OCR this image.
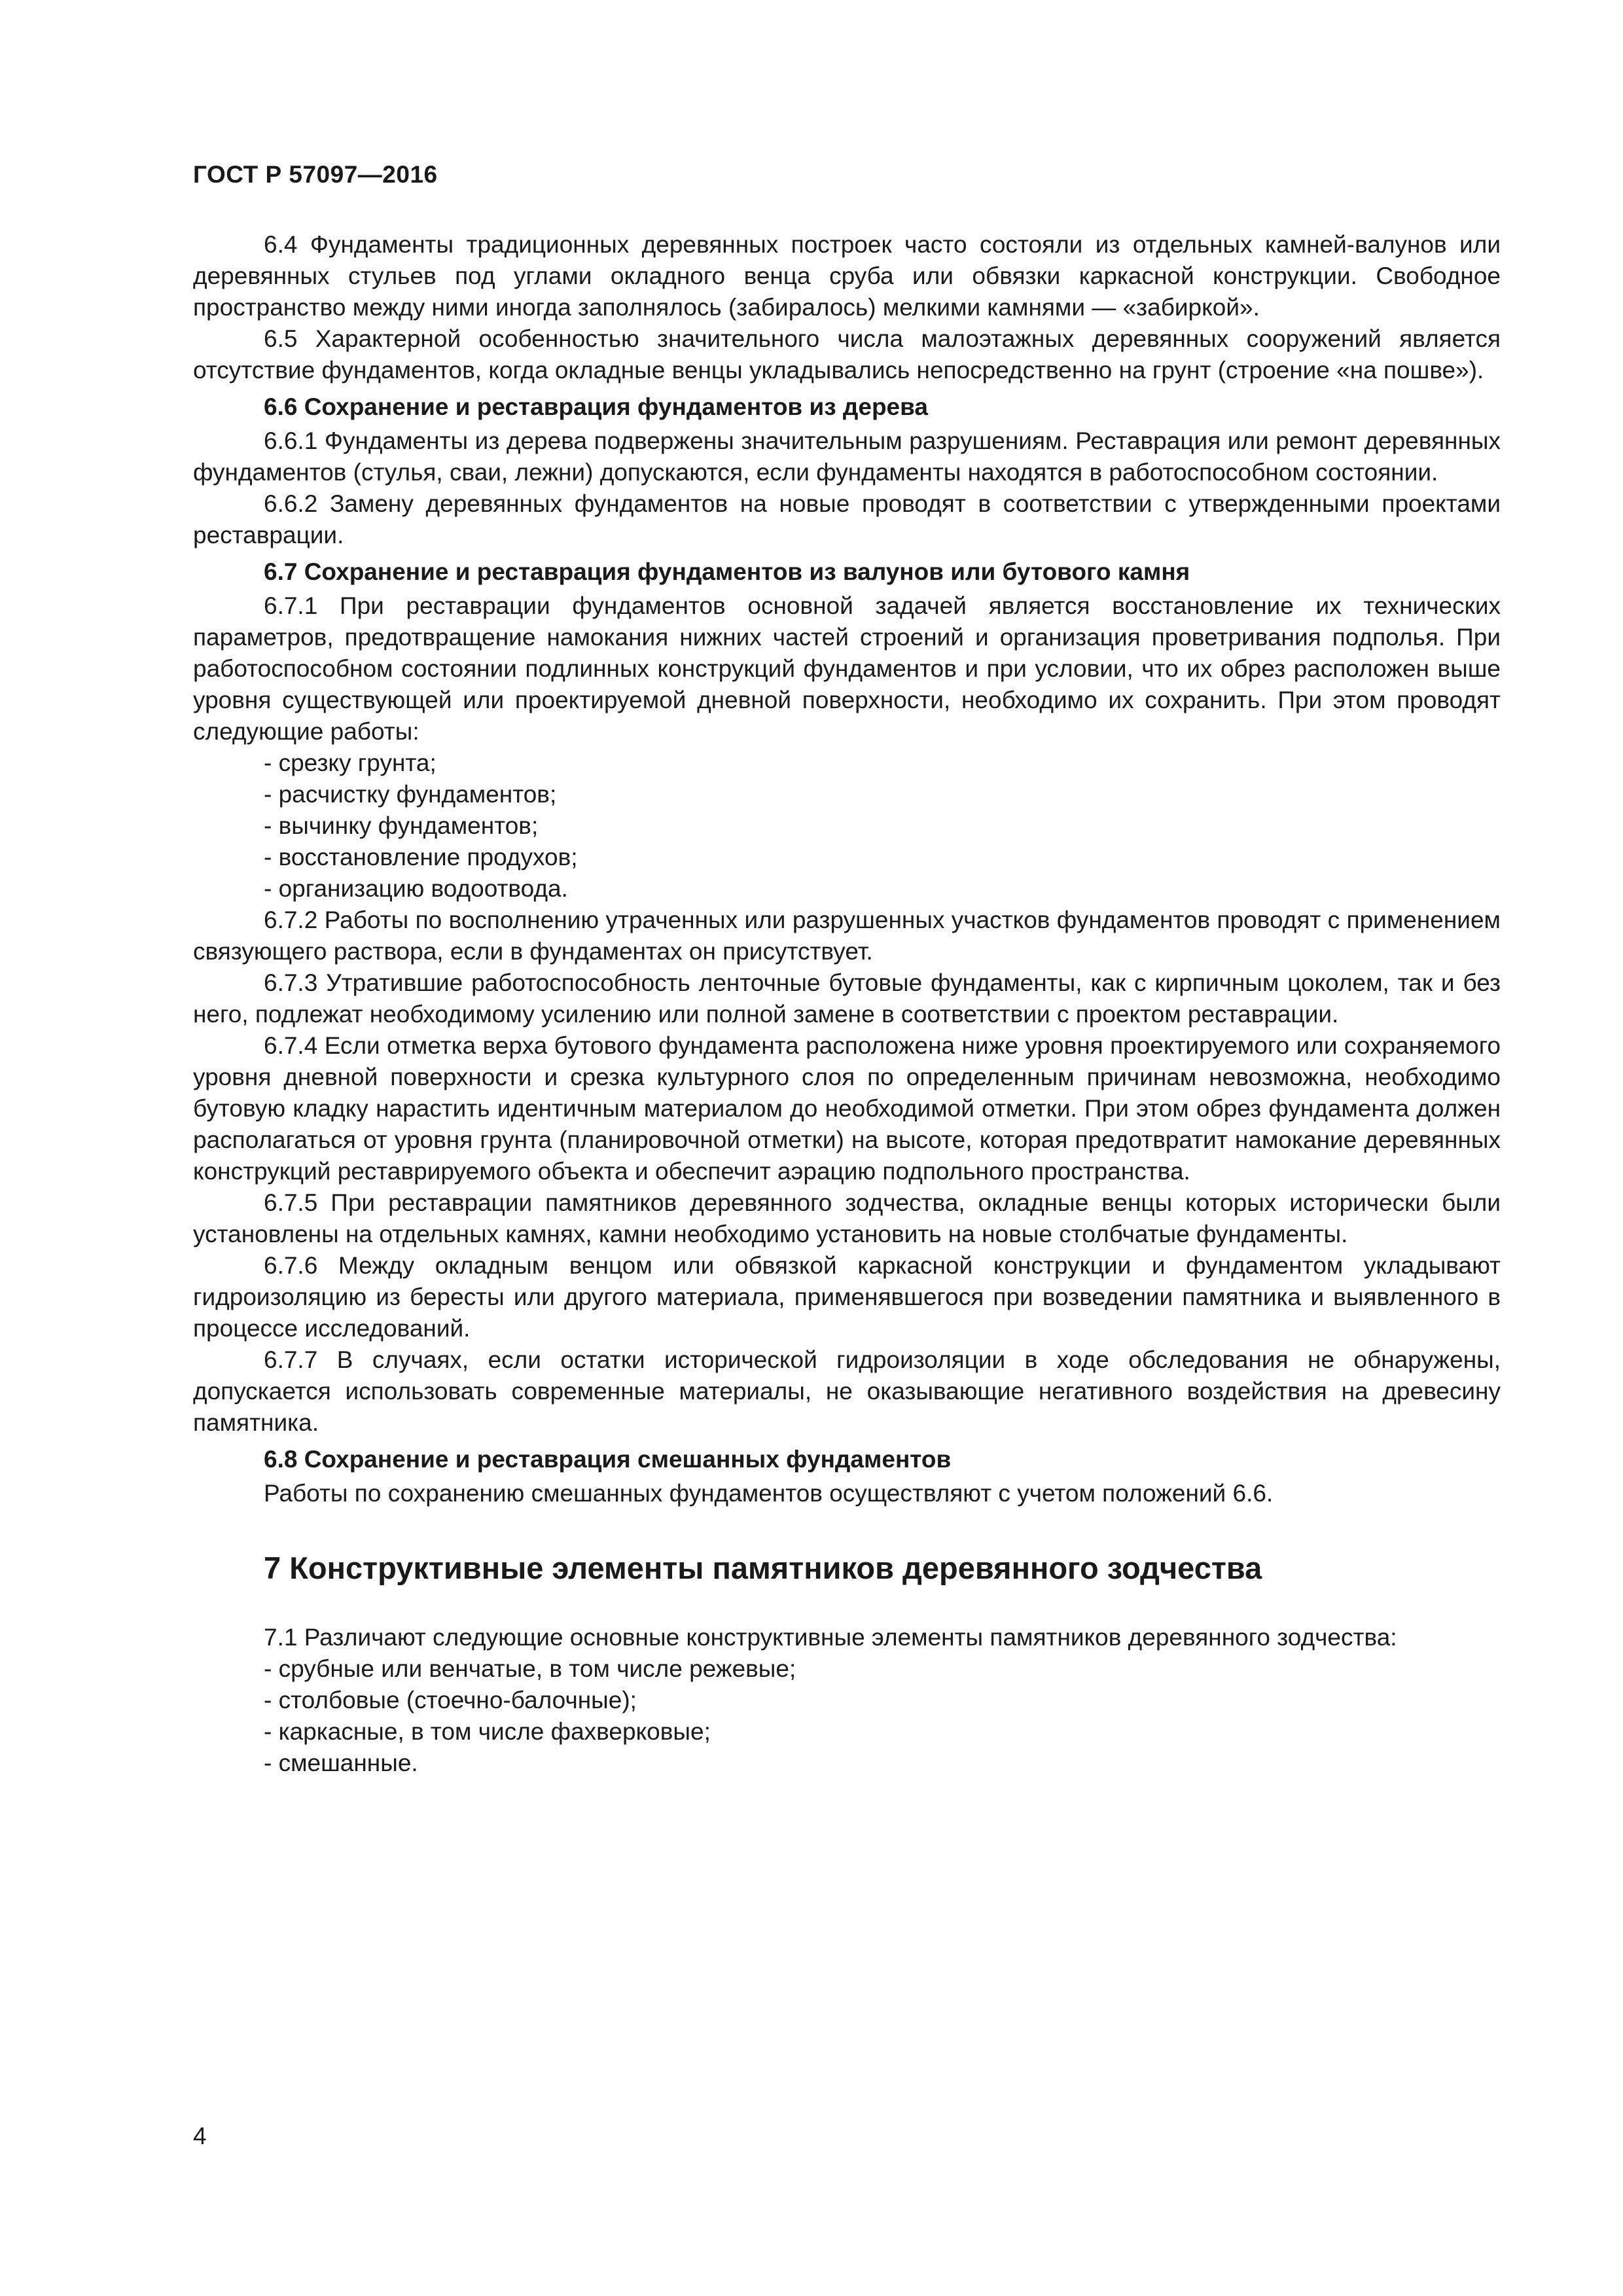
ГОСТ Р 57097—2016

6.4 Фундаменты традиционных деревянных построек часто состояли из отдельных камней-валунов или деревянных стульев под углами окладного венца сруба или обвязки каркасной конструкции. Свободное пространство между ними иногда заполнялось (забиралось) мелкими камнями — «забиркой».

6.5 Характерной особенностью значительного числа малоэтажных деревянных сооружений является отсутствие фундаментов, когда окладные венцы укладывались непосредственно на грунт (строение «на пошве»).

6.6 Сохранение и реставрация фундаментов из дерева

6.6.1 Фундаменты из дерева подвержены значительным разрушениям. Реставрация или ремонт деревянных фундаментов (стулья, сваи, лежни) допускаются, если фундаменты находятся в работоспособном состоянии.

6.6.2 Замену деревянных фундаментов на новые проводят в соответствии с утвержденными проектами реставрации.

6.7 Сохранение и реставрация фундаментов из валунов или бутового камня

6.7.1 При реставрации фундаментов основной задачей является восстановление их технических параметров, предотвращение намокания нижних частей строений и организация проветривания подполья. При работоспособном состоянии подлинных конструкций фундаментов и при условии, что их обрез расположен выше уровня существующей или проектируемой дневной поверхности, необходимо их сохранить. При этом проводят следующие работы:

- срезку грунта;
- расчистку фундаментов;
- вычинку фундаментов;
- восстановление продухов;
- организацию водоотвода.

6.7.2 Работы по восполнению утраченных или разрушенных участков фундаментов проводят с применением связующего раствора, если в фундаментах он присутствует.

6.7.3 Утратившие работоспособность ленточные бутовые фундаменты, как с кирпичным цоколем, так и без него, подлежат необходимому усилению или полной замене в соответствии с проектом реставрации.

6.7.4 Если отметка верха бутового фундамента расположена ниже уровня проектируемого или сохраняемого уровня дневной поверхности и срезка культурного слоя по определенным причинам невозможна, необходимо бутовую кладку нарастить идентичным материалом до необходимой отметки. При этом обрез фундамента должен располагаться от уровня грунта (планировочной отметки) на высоте, которая предотвратит намокание деревянных конструкций реставрируемого объекта и обеспечит аэрацию подпольного пространства.

6.7.5 При реставрации памятников деревянного зодчества, окладные венцы которых исторически были установлены на отдельных камнях, камни необходимо установить на новые столбчатые фундаменты.

6.7.6 Между окладным венцом или обвязкой каркасной конструкции и фундаментом укладывают гидроизоляцию из бересты или другого материала, применявшегося при возведении памятника и выявленного в процессе исследований.

6.7.7 В случаях, если остатки исторической гидроизоляции в ходе обследования не обнаружены, допускается использовать современные материалы, не оказывающие негативного воздействия на древесину памятника.

6.8 Сохранение и реставрация смешанных фундаментов

Работы по сохранению смешанных фундаментов осуществляют с учетом положений 6.6.

7 Конструктивные элементы памятников деревянного зодчества

7.1 Различают следующие основные конструктивные элементы памятников деревянного зодчества:

- срубные или венчатые, в том числе режевые;
- столбовые (стоечно-балочные);
- каркасные, в том числе фахверковые;
- смешанные.
4
